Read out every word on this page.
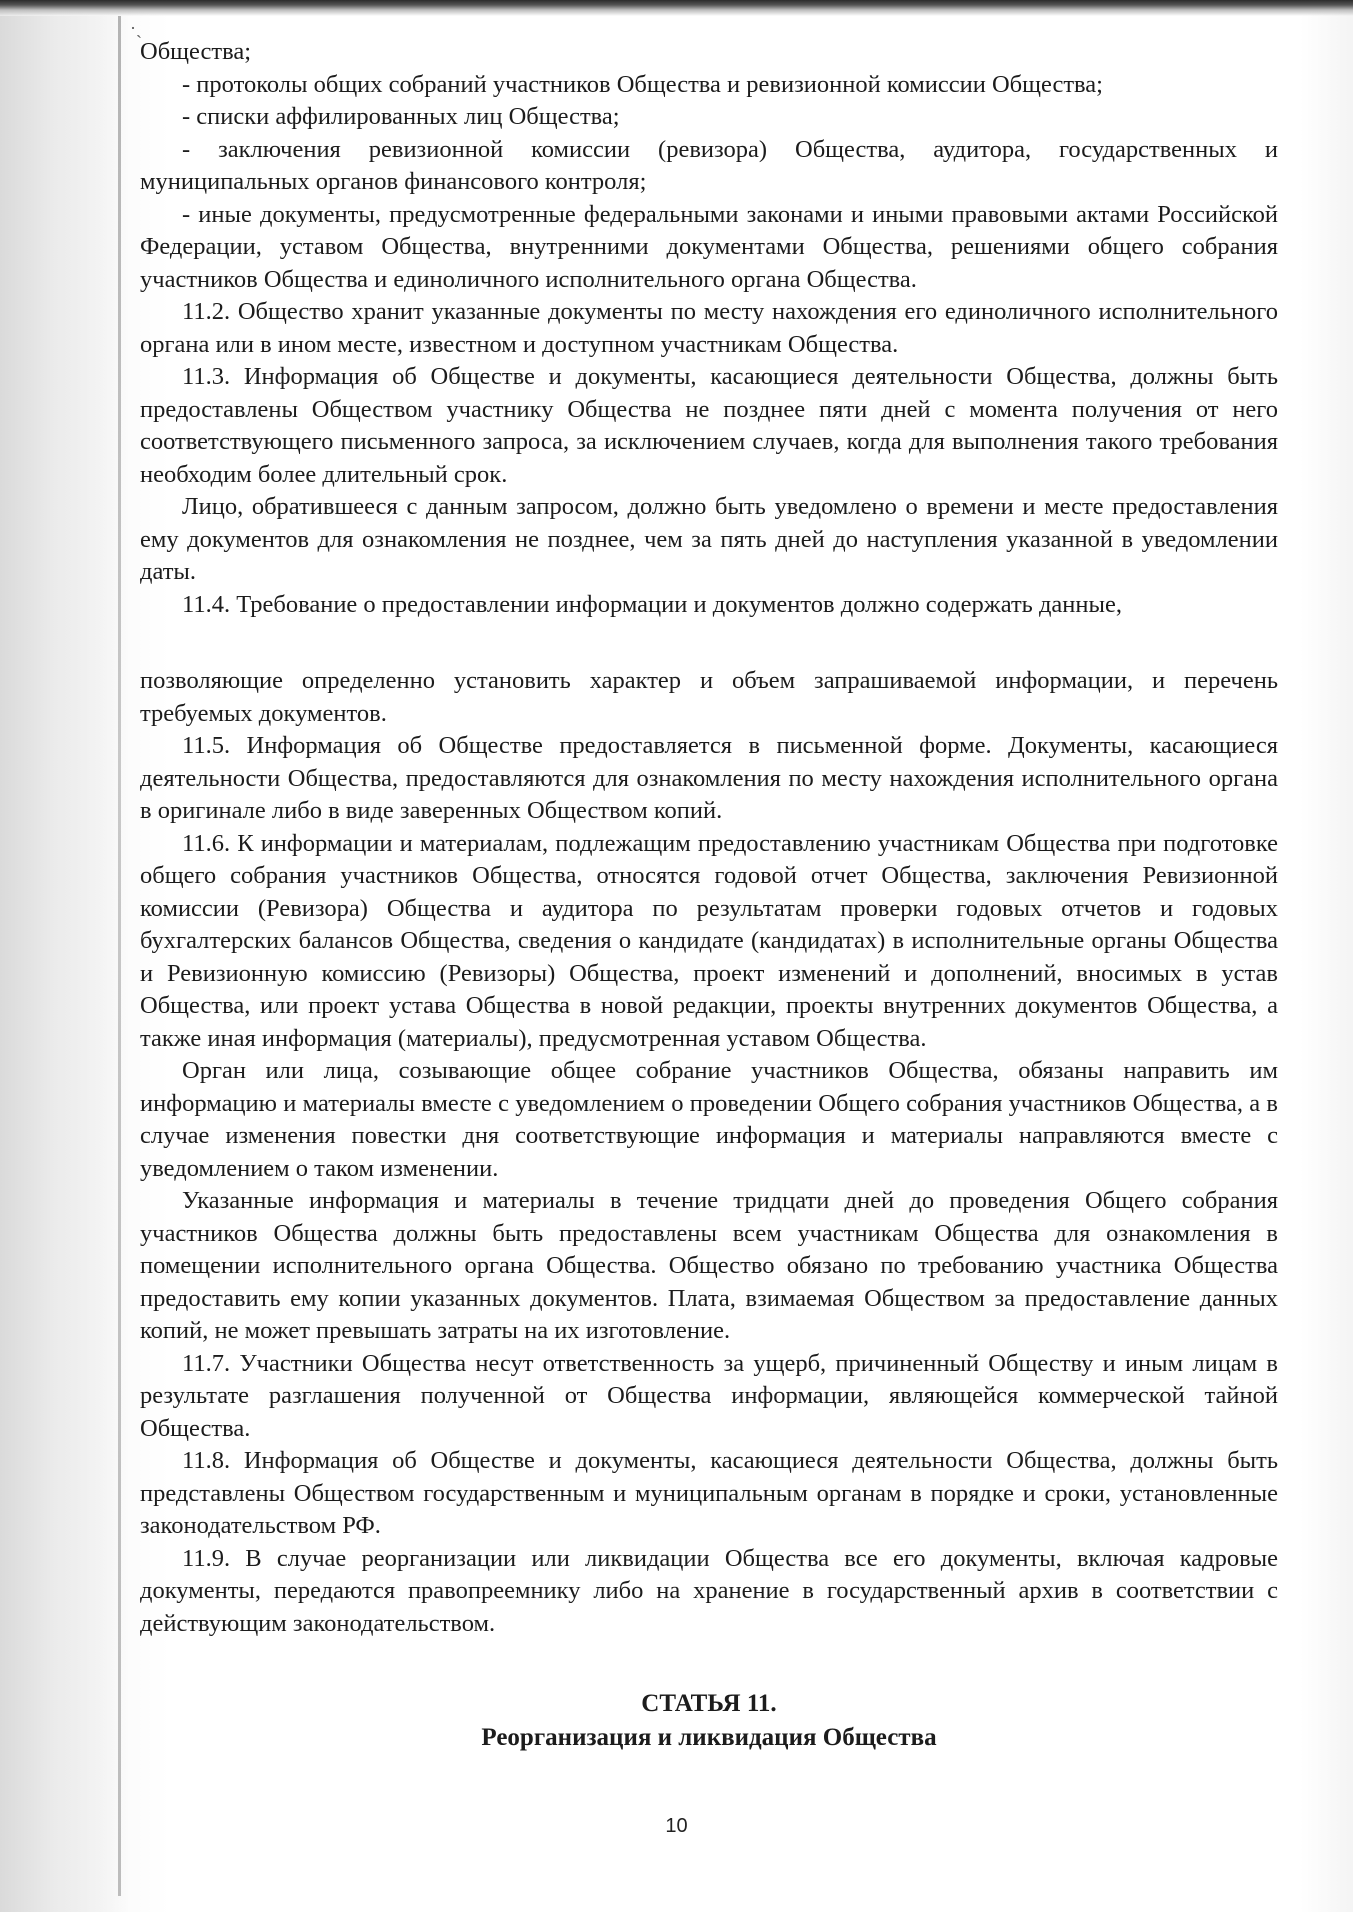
·ˎ

Общества;

- протоколы общих собраний участников Общества и ревизионной комиссии Общества;

- списки аффилированных лиц Общества;

- заключения ревизионной комиссии (ревизора) Общества, аудитора, государственных и муниципальных органов финансового контроля;

- иные документы, предусмотренные федеральными законами и иными правовыми актами Российской Федерации, уставом Общества, внутренними документами Общества, решениями общего собрания участников Общества и единоличного исполнительного органа Общества.

11.2. Общество хранит указанные документы по месту нахождения его единоличного исполнительного органа или в ином месте, известном и доступном участникам Общества.

11.3. Информация об Обществе и документы, касающиеся деятельности Общества, должны быть предоставлены Обществом участнику Общества не позднее пяти дней с момента получения от него соответствующего письменного запроса, за исключением случаев, когда для выполнения такого требования необходим более длительный срок.

Лицо, обратившееся с данным запросом, должно быть уведомлено о времени и месте предоставления ему документов для ознакомления не позднее, чем за пять дней до наступления указанной в уведомлении даты.

11.4. Требование о предоставлении информации и документов должно содержать данные,

позволяющие определенно установить характер и объем запрашиваемой информации, и перечень требуемых документов.

11.5. Информация об Обществе предоставляется в письменной форме. Документы, касающиеся деятельности Общества, предоставляются для ознакомления по месту нахождения исполнительного органа в оригинале либо в виде заверенных Обществом копий.

11.6. К информации и материалам, подлежащим предоставлению участникам Общества при подготовке общего собрания участников Общества, относятся годовой отчет Общества, заключения Ревизионной комиссии (Ревизора) Общества и аудитора по результатам проверки годовых отчетов и годовых бухгалтерских балансов Общества, сведения о кандидате (кандидатах) в исполнительные органы Общества и Ревизионную комиссию (Ревизоры) Общества, проект изменений и дополнений, вносимых в устав Общества, или проект устава Общества в новой редакции, проекты внутренних документов Общества, а также иная информация (материалы), предусмотренная уставом Общества.

Орган или лица, созывающие общее собрание участников Общества, обязаны направить им информацию и материалы вместе с уведомлением о проведении Общего собрания участников Общества, а в случае изменения повестки дня соответствующие информация и материалы направляются вместе с уведомлением о таком изменении.

Указанные информация и материалы в течение тридцати дней до проведения Общего собрания участников Общества должны быть предоставлены всем участникам Общества для ознакомления в помещении исполнительного органа Общества. Общество обязано по требованию участника Общества предоставить ему копии указанных документов. Плата, взимаемая Обществом за предоставление данных копий, не может превышать затраты на их изготовление.

11.7. Участники Общества несут ответственность за ущерб, причиненный Обществу и иным лицам в результате разглашения полученной от Общества информации, являющейся коммерческой тайной Общества.

11.8. Информация об Обществе и документы, касающиеся деятельности Общества, должны быть представлены Обществом государственным и муниципальным органам в порядке и сроки, установленные законодательством РФ.

11.9. В случае реорганизации или ликвидации Общества все его документы, включая кадровые документы, передаются правопреемнику либо на хранение в государственный архив в соответствии с действующим законодательством.

СТАТЬЯ 11.
Реорганизация и ликвидация Общества
10
